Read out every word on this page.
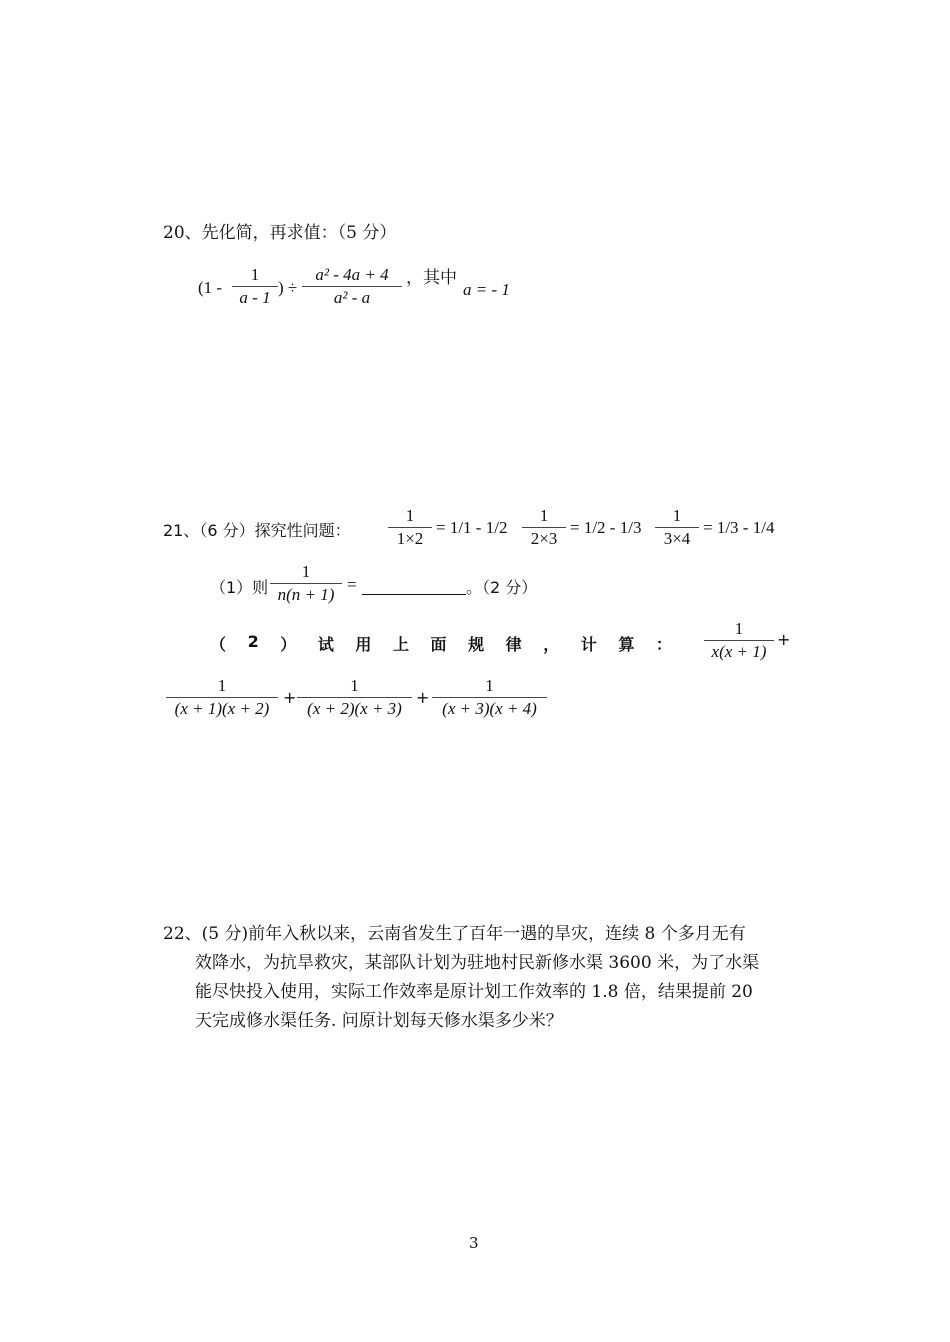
20、先化简，再求值：（5 分）
(1 -
1
a - 1
) ÷
a² - 4a + 4
a² - a
，其中
a = - 1
21、（6 分）探究性问题：
1
1×2
= 1/1 - 1/2
1
2×3
= 1/2 - 1/3
1
3×4
= 1/3 - 1/4
（1）则
1
n(n + 1)
=	。（2 分）
（ 2 ） 试 用 上 面 规 律 ， 计 算 ：
1
x(x + 1)
+
1
(x + 1)(x + 2)
+
1
(x + 2)(x + 3)
+
1
(x + 3)(x + 4)
22、(5 分)前年入秋以来，云南省发生了百年一遇的旱灾，连续 8 个多月无有
效降水，为抗旱救灾，某部队计划为驻地村民新修水渠 3600 米，为了水渠
能尽快投入使用，实际工作效率是原计划工作效率的 1.8 倍，结果提前 20
天完成修水渠任务. 问原计划每天修水渠多少米？
3
